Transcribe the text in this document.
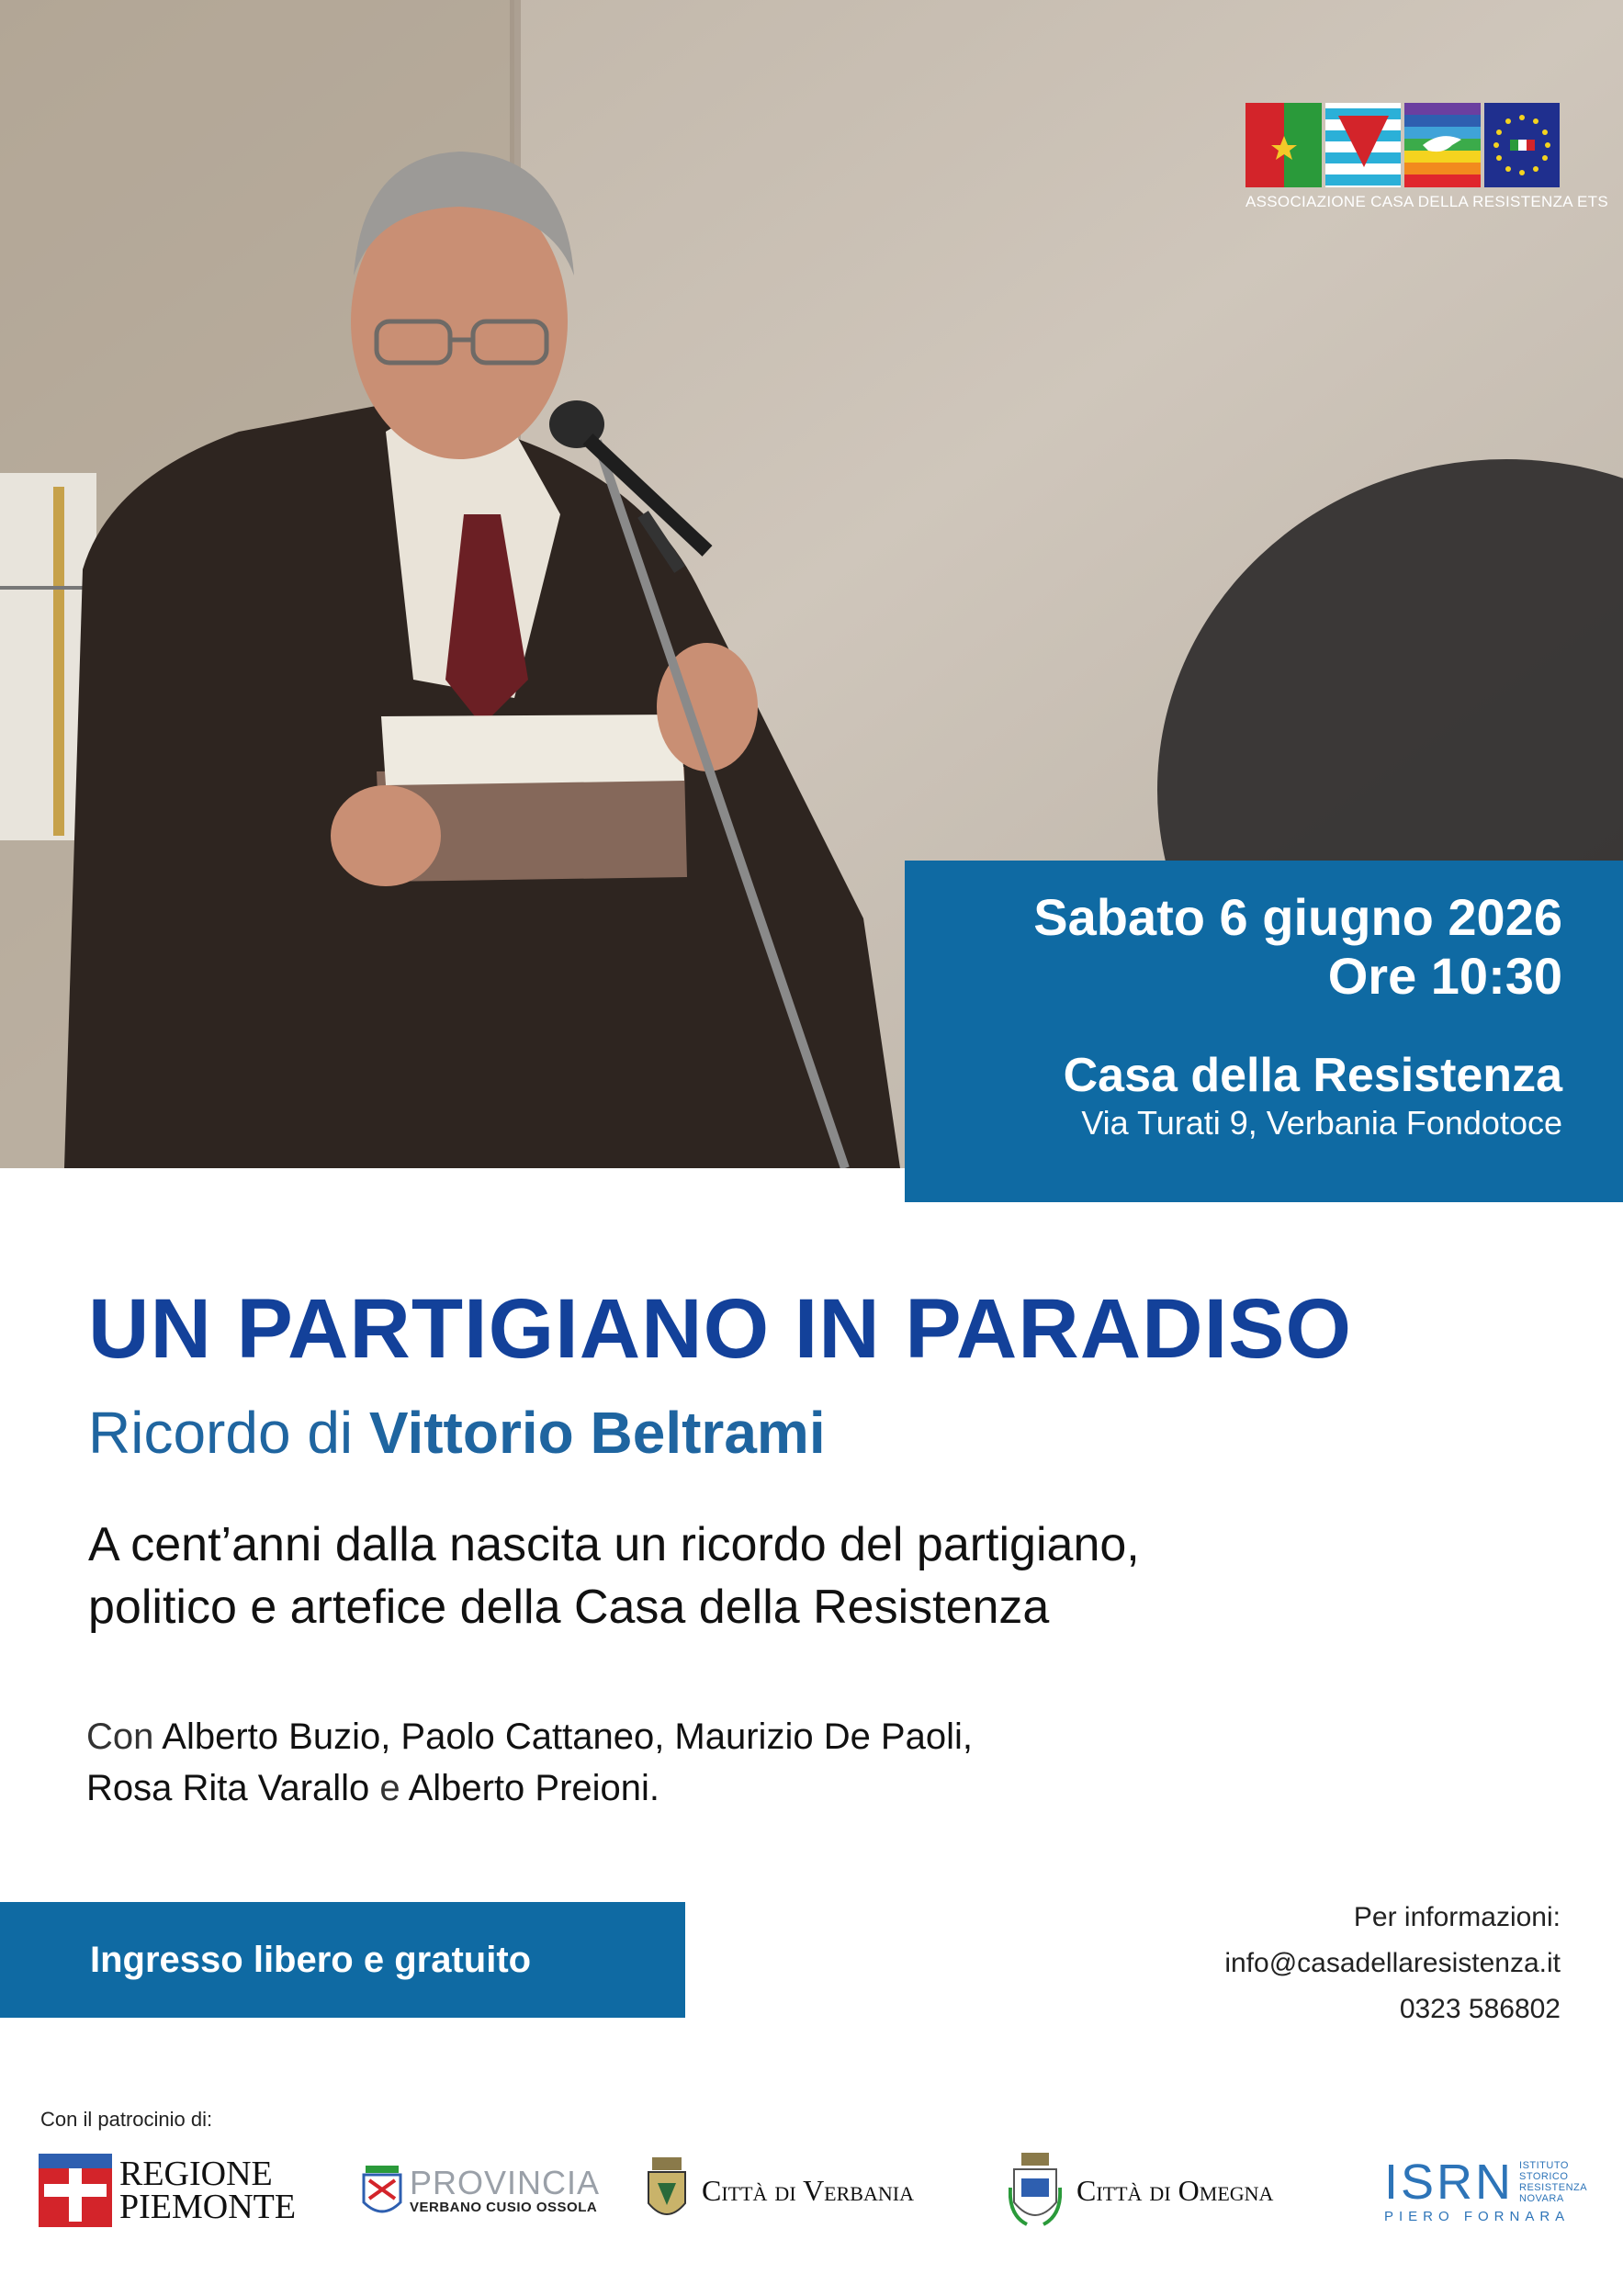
ASSOCIAZIONE CASA DELLA RESISTENZA ETS
Sabato 6 giugno 2026
Ore 10:30
Casa della Resistenza
Via Turati 9, Verbania Fondotoce
UN PARTIGIANO IN PARADISO
Ricordo di Vittorio Beltrami
A cent’anni dalla nascita un ricordo del partigiano,
politico e artefice della Casa della Resistenza
Con Alberto Buzio, Paolo Cattaneo, Maurizio De Paoli,
Rosa Rita Varallo e Alberto Preioni.
Ingresso libero e gratuito
Per informazioni:
info@casadellaresistenza.it
0323 586802
Con il patrocinio di:
REGIONE
PIEMONTE
PROVINCIA
VERBANO CUSIO OSSOLA
Città di Verbania	Città di Omegna ISRN ISTITUTO
STORICO
RESISTENZA
NOVARA
PIERO FORNARA
